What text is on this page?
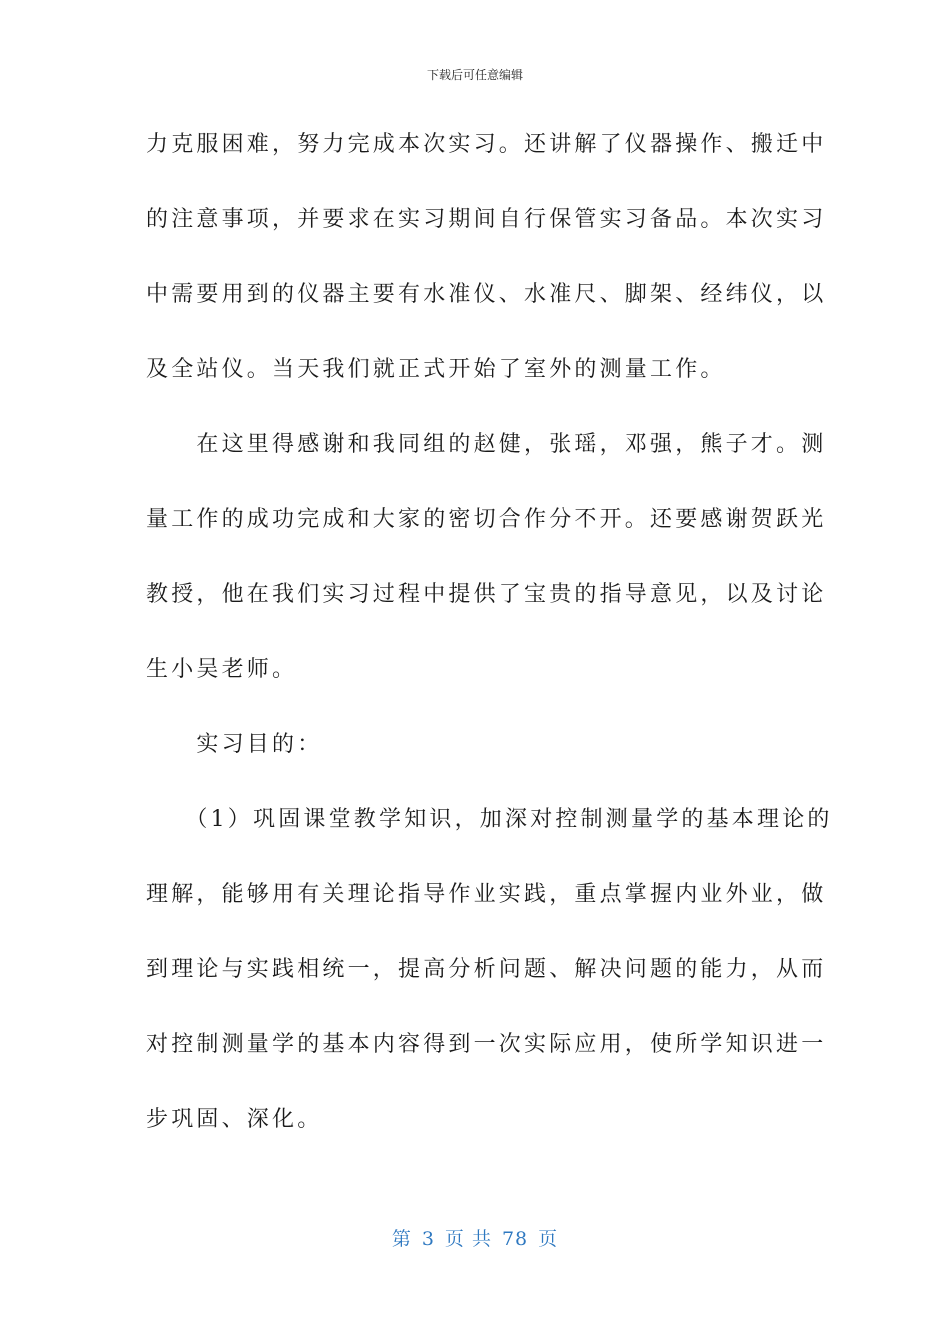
下载后可任意编辑
力克服困难，努力完成本次实习。还讲解了仪器操作、搬迁中
的注意事项，并要求在实习期间自行保管实习备品。本次实习
中需要用到的仪器主要有水准仪、水准尺、脚架、经纬仪，以
及全站仪。当天我们就正式开始了室外的测量工作。
　　在这里得感谢和我同组的赵健，张瑶，邓强，熊子才。测
量工作的成功完成和大家的密切合作分不开。还要感谢贺跃光
教授，他在我们实习过程中提供了宝贵的指导意见，以及讨论
生小吴老师。
　　实习目的：
　　（1）巩固课堂教学知识，加深对控制测量学的基本理论的
理解，能够用有关理论指导作业实践，重点掌握内业外业，做
到理论与实践相统一，提高分析问题、解决问题的能力，从而
对控制测量学的基本内容得到一次实际应用，使所学知识进一
步巩固、深化。
第 3 页 共 78 页
